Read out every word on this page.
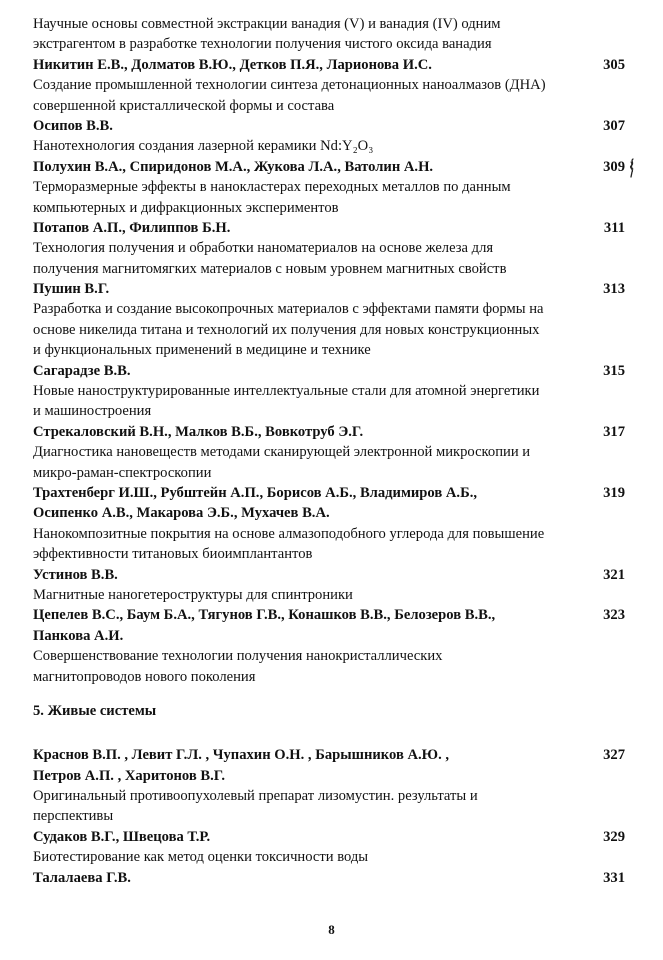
Научные основы совместной экстракции ванадия (V) и ванадия (IV) одним
экстрагентом в разработке технологии получения чистого оксида ванадия
Никитин Е.В., Долматов В.Ю., Детков П.Я., Ларионова И.С.	305
Создание промышленной технологии синтеза детонационных наноалмазов (ДНА)
совершенной кристаллической формы и состава
Осипов В.В.	307
Нанотехнология создания лазерной керамики Nd:Y₂O₃
Полухин В.А., Спиридонов М.А., Жукова Л.А., Ватолин А.Н.	309
Терморазмерные эффекты в нанокластерах переходных металлов по данным
компьютерных и дифракционных экспериментов
Потапов А.П., Филиппов Б.Н.	311
Технология получения и обработки наноматериалов на основе железа для
получения магнитомягких материалов с новым уровнем магнитных свойств
Пушин В.Г.	313
Разработка и создание высокопрочных материалов с эффектами памяти формы на
основе никелида титана и технологий их получения для новых конструкционных
и функциональных применений в медицине и технике
Сагарадзе В.В.	315
Новые наноструктурированные интеллектуальные стали для атомной энергетики
и машиностроения
Стрекаловский В.Н., Малков В.Б., Вовкотруб Э.Г.	317
Диагностика нановеществ методами сканирующей электронной микроскопии и
микро-раман-спектроскопии
Трахтенберг И.Ш., Рубштейн А.П., Борисов А.Б., Владимиров А.Б.,	319
Осипенко А.В., Макарова Э.Б., Мухачев В.А.
Нанокомпозитные покрытия на основе алмазоподобного углерода для повышение
эффективности титановых биоимплантантов
Устинов В.В.	321
Магнитные наногетероструктуры для спинтроники
Цепелев В.С., Баум Б.А., Тягунов Г.В., Конашков В.В., Белозеров В.В.,	323
Панкова А.И.
Совершенствование технологии получения нанокристаллических
магнитопроводов нового поколения
5. Живые системы
Краснов В.П. , Левит Г.Л. , Чупахин О.Н. , Барышников А.Ю. ,	327
Петров А.П. , Харитонов В.Г.
Оригинальный противоопухолевый препарат лизомустин. результаты и
перспективы
Судаков В.Г., Швецова Т.Р.	329
Биотестирование как метод оценки токсичности воды
Талалаева Г.В.	331
8
